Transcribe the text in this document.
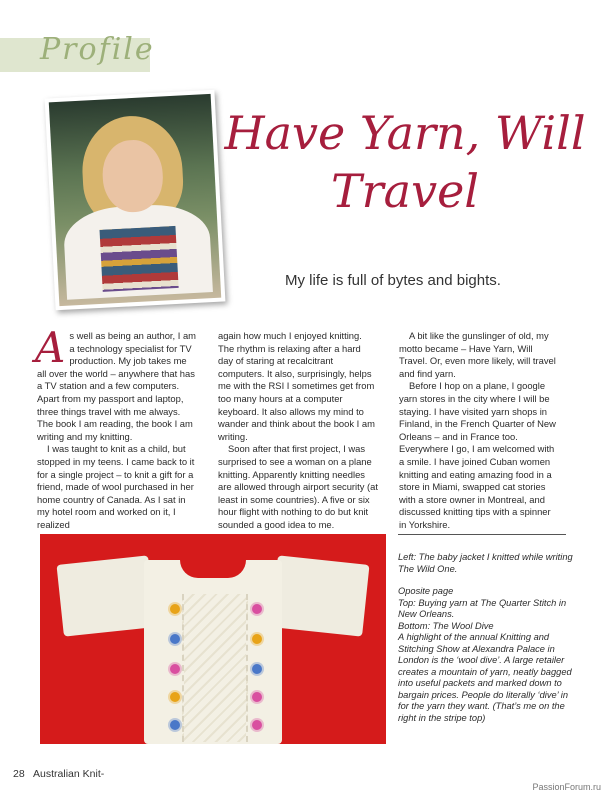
Profile
Have Yarn, Will
Travel
My life is full of bytes and bights.
A s well as being an author, I am a technology specialist for TV production. My job takes me all over the world – anywhere that has a TV station and a few computers. Apart from my passport and laptop, three things travel with me always. The book I am reading, the book I am writing and my knitting.

I was taught to knit as a child, but stopped in my teens. I came back to it for a single project – to knit a gift for a friend, made of wool purchased in her home country of Canada. As I sat in my hotel room and worked on it, I realized

again how much I enjoyed knitting. The rhythm is relaxing after a hard day of staring at recalcitrant computers. It also, surprisingly, helps me with the RSI I sometimes get from too many hours at a computer keyboard. It also allows my mind to wander and think about the book I am writing.

Soon after that first project, I was surprised to see a woman on a plane knitting. Apparently knitting needles are allowed through airport security (at least in some countries). A five or six hour flight with nothing to do but knit sounded a good idea to me.

A bit like the gunslinger of old, my motto became – Have Yarn, Will Travel. Or, even more likely, will travel and find yarn.

Before I hop on a plane, I google yarn stores in the city where I will be staying. I have visited yarn shops in Finland, in the French Quarter of New Orleans – and in France too. Everywhere I go, I am welcomed with a smile. I have joined Cuban women knitting and eating amazing food in a store in Miami, swapped cat stories with a store owner in Montreal, and discussed knitting tips with a spinner in Yorkshire.

Left: The baby jacket I knitted while writing The Wild One.

Oposite page
Top: Buying yarn at The Quarter Stitch in New Orleans.
Bottom: The Wool Dive
A highlight of the annual Knitting and Stitching Show at Alexandra Palace in London is the ‘wool dive’. A large retailer creates a mountain of yarn, neatly bagged into useful packets and marked down to bargain prices. People do literally ‘dive’ in for the yarn they want. (That’s me on the right in the stripe top)

28 Australian Knit-
PassionForum.ru
